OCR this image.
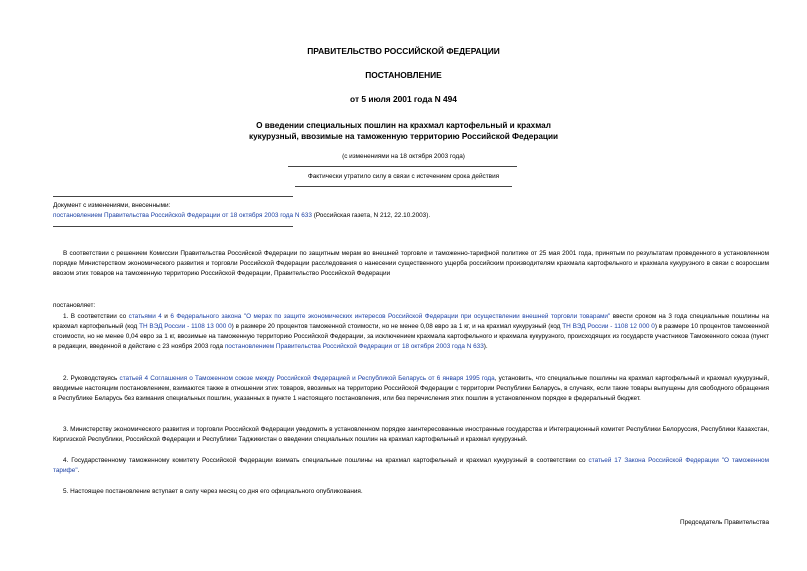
ПРАВИТЕЛЬСТВО РОССИЙСКОЙ ФЕДЕРАЦИИ
ПОСТАНОВЛЕНИЕ
от 5 июля 2001 года N 494
О введении специальных пошлин на крахмал картофельный и крахмал
кукурузный, ввозимые на таможенную территорию Российской Федерации
(с изменениями на 18 октября 2003 года)
Фактически утратило силу в связи с истечением срока действия
Документ с изменениями, внесенными:
постановлением Правительства Российской Федерации от 18 октября 2003 года N 633 (Российская газета, N 212, 22.10.2003).

В соответствии с решением Комиссии Правительства Российской Федерации по защитным мерам во внешней торговле и таможенно-тарифной политике от 25 мая 2001 года, принятым по результатам проведенного в установленном порядке Министерством экономического развития и торговли Российской Федерации расследования о нанесении существенного ущерба российским производителям крахмала картофельного и крахмала кукурузного в связи с возросшим ввозом этих товаров на таможенную территорию Российской Федерации, Правительство Российской Федерации

постановляет:

1. В соответствии со статьями 4 и 6 Федерального закона "О мерах по защите экономических интересов Российской Федерации при осуществлении внешней торговли товарами" ввести сроком на 3 года специальные пошлины на крахмал картофельный (код ТН ВЭД России - 1108 13 000 0) в размере 20 процентов таможенной стоимости, но не менее 0,08 евро за 1 кг, и на крахмал кукурузный (код ТН ВЭД России - 1108 12 000 0) в размере 10 процентов таможенной стоимости, но не менее 0,04 евро за 1 кг, ввозимые на таможенную территорию Российской Федерации, за исключением крахмала картофельного и крахмала кукурузного, происходящих из государств участников Таможенного союза (пункт в редакции, введенной в действие с 23 ноября 2003 года постановлением Правительства Российской Федерации от 18 октября 2003 года N 633).

2. Руководствуясь статьей 4 Соглашения о Таможенном союзе между Российской Федерацией и Республикой Беларусь от 6 января 1995 года, установить, что специальные пошлины на крахмал картофельный и крахмал кукурузный, вводимые настоящим постановлением, взимаются также в отношении этих товаров, ввозимых на территорию Российской Федерации с территории Республики Беларусь, в случаях, если такие товары выпущены для свободного обращения в Республике Беларусь без взимания специальных пошлин, указанных в пункте 1 настоящего постановления, или без перечисления этих пошлин в установленном порядке в федеральный бюджет.

3. Министерству экономического развития и торговли Российской Федерации уведомить в установленном порядке заинтересованные иностранные государства и Интеграционный комитет Республики Белоруссия, Республики Казахстан, Киргизской Республики, Российской Федерации и Республики Таджикистан о введении специальных пошлин на крахмал картофельный и крахмал кукурузный.

4. Государственному таможенному комитету Российской Федерации взимать специальные пошлины на крахмал картофельный и крахмал кукурузный в соответствии со статьей 17 Закона Российской Федерации "О таможенном тарифе".

5. Настоящее постановление вступает в силу через месяц со дня его официального опубликования.

Председатель Правительства
